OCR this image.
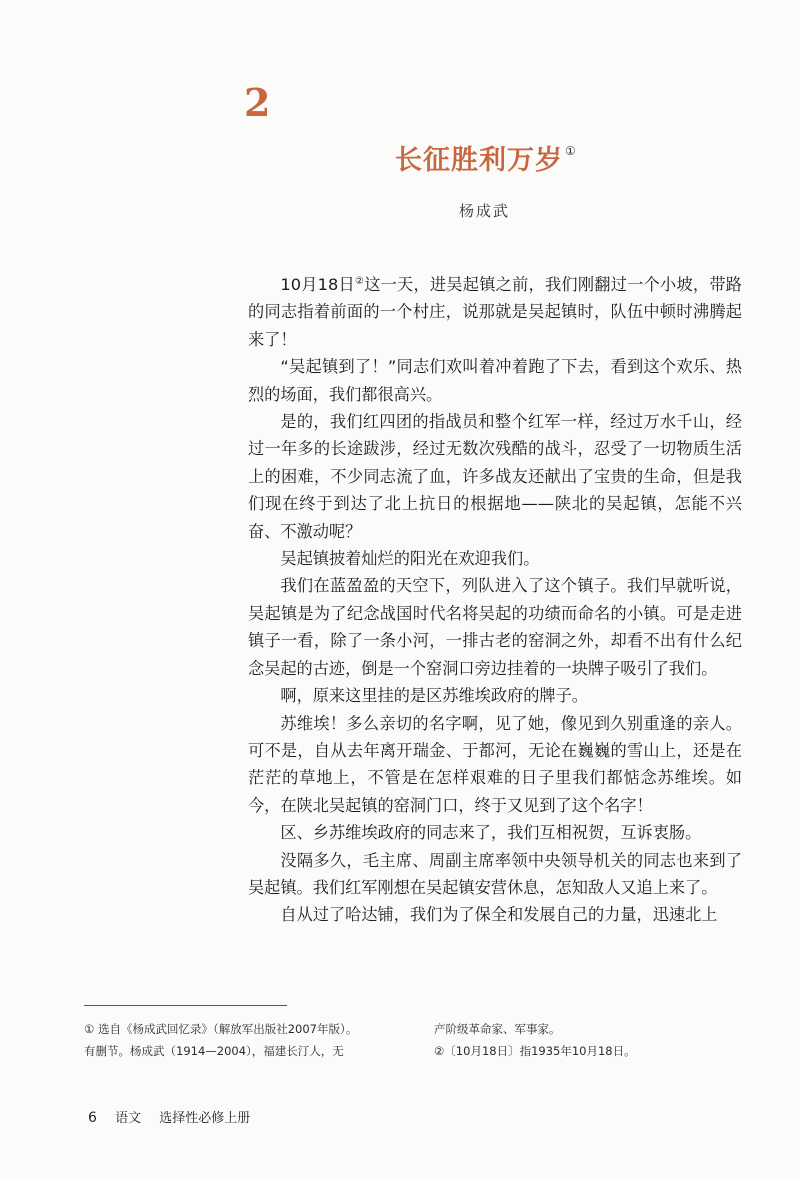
2
长征胜利万岁 ①
杨成武

10月18日②这一天，进吴起镇之前，我们刚翻过一个小坡，带路的同志指着前面的一个村庄，说那就是吴起镇时，队伍中顿时沸腾起来了！

“吴起镇到了！”同志们欢叫着冲着跑了下去，看到这个欢乐、热烈的场面，我们都很高兴。

是的，我们红四团的指战员和整个红军一样，经过万水千山，经过一年多的长途跋涉，经过无数次残酷的战斗，忍受了一切物质生活上的困难，不少同志流了血，许多战友还献出了宝贵的生命，但是我们现在终于到达了北上抗日的根据地——陕北的吴起镇，怎能不兴奋、不激动呢？

吴起镇披着灿烂的阳光在欢迎我们。

我们在蓝盈盈的天空下，列队进入了这个镇子。我们早就听说，吴起镇是为了纪念战国时代名将吴起的功绩而命名的小镇。可是走进镇子一看，除了一条小河，一排古老的窑洞之外，却看不出有什么纪念吴起的古迹，倒是一个窑洞口旁边挂着的一块牌子吸引了我们。

啊，原来这里挂的是区苏维埃政府的牌子。

苏维埃！多么亲切的名字啊，见了她，像见到久别重逢的亲人。可不是，自从去年离开瑞金、于都河，无论在巍巍的雪山上，还是在茫茫的草地上，不管是在怎样艰难的日子里我们都惦念苏维埃。如今，在陕北吴起镇的窑洞门口，终于又见到了这个名字！

区、乡苏维埃政府的同志来了，我们互相祝贺，互诉衷肠。

没隔多久，毛主席、周副主席率领中央领导机关的同志也来到了吴起镇。我们红军刚想在吴起镇安营休息，怎知敌人又追上来了。

自从过了哈达铺，我们为了保全和发展自己的力量，迅速北上

① 选自《杨成武回忆录》（解放军出版社2007年版）。

有删节。杨成武（1914—2004），福建长汀人，无

产阶级革命家、军事家。

②〔10月18日〕指1935年10月18日。

6 语文 选择性必修上册
